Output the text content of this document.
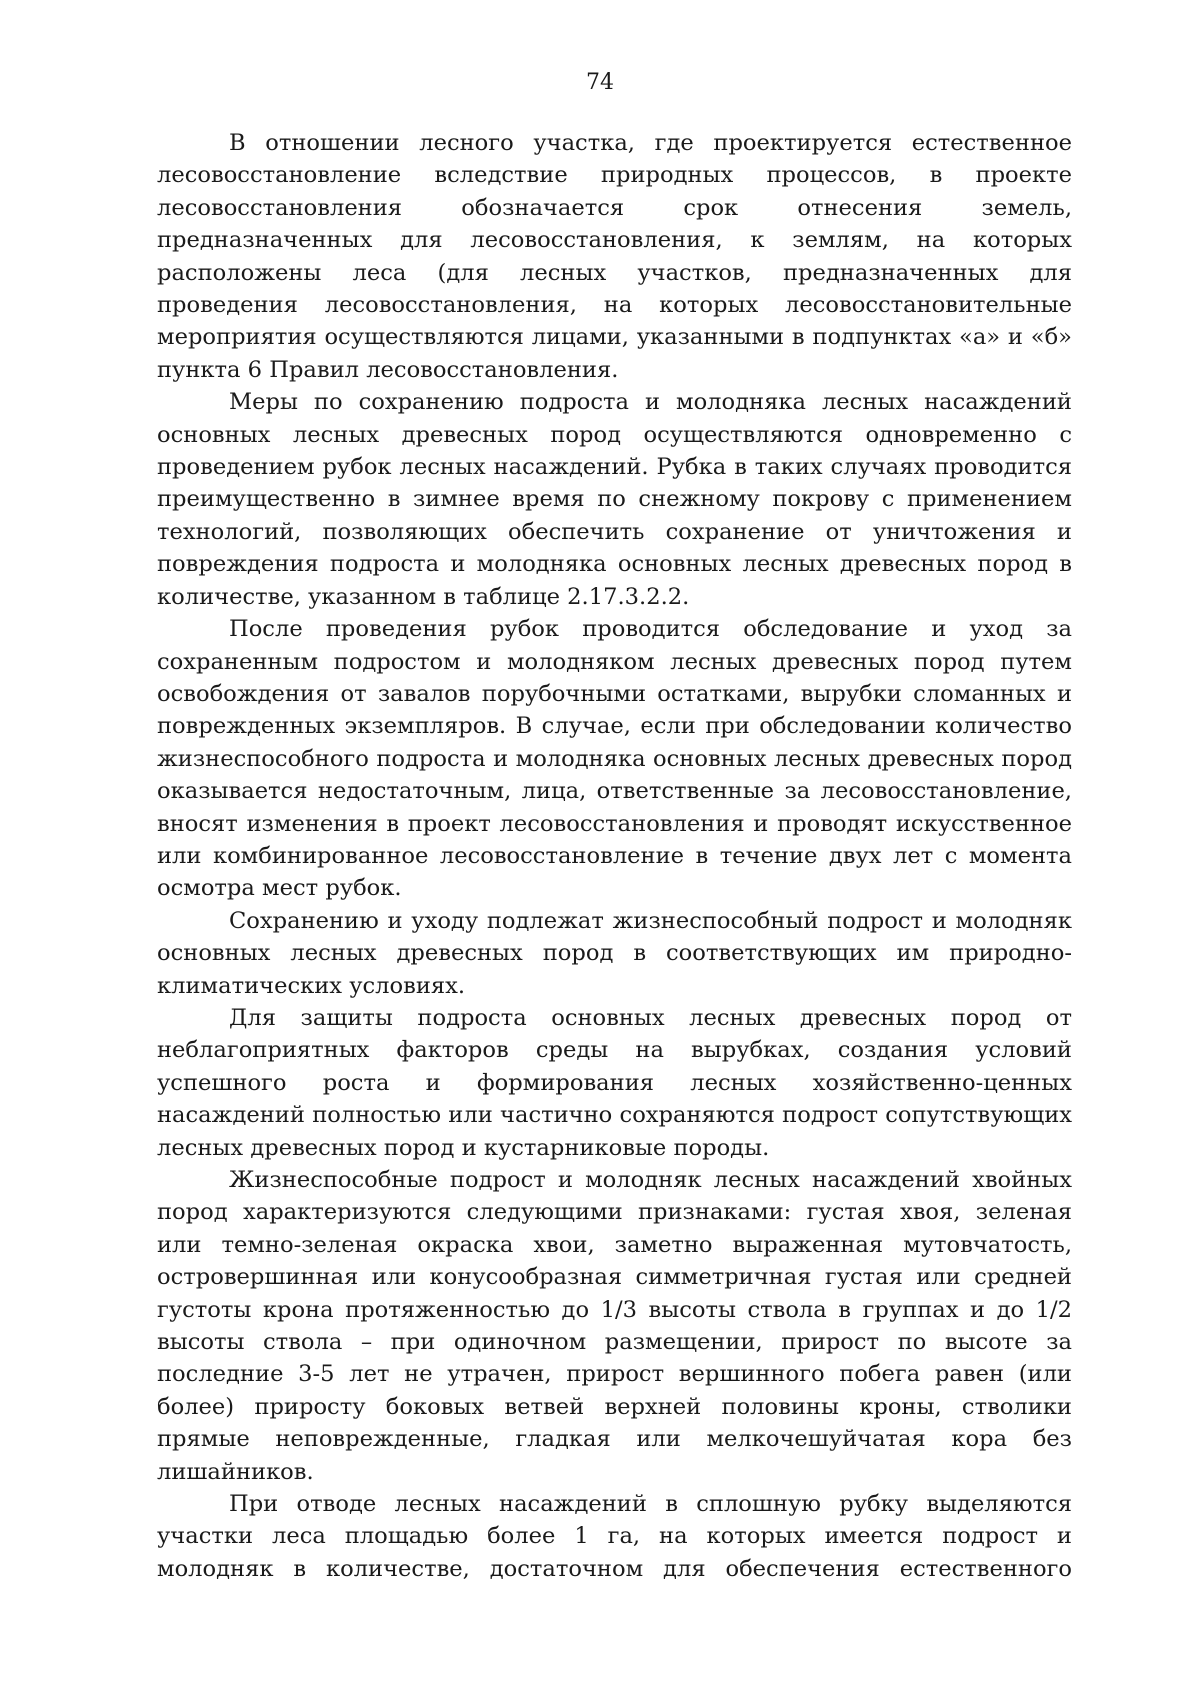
74

В отношении лесного участка, где проектируется естественное лесовосстановление вследствие природных процессов, в проекте лесовосстановления обозначается срок отнесения земель, предназначенных для лесовосстановления, к землям, на которых расположены леса (для лесных участков, предназначенных для проведения лесовосстановления, на которых лесовосстановительные мероприятия осуществляются лицами, указанными в подпунктах «а» и «б» пункта 6 Правил лесовосстановления.

Меры по сохранению подроста и молодняка лесных насаждений основных лесных древесных пород осуществляются одновременно с проведением рубок лесных насаждений. Рубка в таких случаях проводится преимущественно в зимнее время по снежному покрову с применением технологий, позволяющих обеспечить сохранение от уничтожения и повреждения подроста и молодняка основных лесных древесных пород в количестве, указанном в таблице 2.17.3.2.2.

После проведения рубок проводится обследование и уход за сохраненным подростом и молодняком лесных древесных пород путем освобождения от завалов порубочными остатками, вырубки сломанных и поврежденных экземпляров. В случае, если при обследовании количество жизнеспособного подроста и молодняка основных лесных древесных пород оказывается недостаточным, лица, ответственные за лесовосстановление, вносят изменения в проект лесовосстановления и проводят искусственное или комбинированное лесовосстановление в течение двух лет с момента осмотра мест рубок.

Сохранению и уходу подлежат жизнеспособный подрост и молодняк основных лесных древесных пород в соответствующих им природно-климатических условиях.

Для защиты подроста основных лесных древесных пород от неблагоприятных факторов среды на вырубках, создания условий успешного роста и формирования лесных хозяйственно-ценных насаждений полностью или частично сохраняются подрост сопутствующих лесных древесных пород и кустарниковые породы.

Жизнеспособные подрост и молодняк лесных насаждений хвойных пород характеризуются следующими признаками: густая хвоя, зеленая или темно-зеленая окраска хвои, заметно выраженная мутовчатость, островершинная или конусообразная симметричная густая или средней густоты крона протяженностью до 1/3 высоты ствола в группах и до 1/2 высоты ствола – при одиночном размещении, прирост по высоте за последние 3-5 лет не утрачен, прирост вершинного побега равен (или более) приросту боковых ветвей верхней половины кроны, стволики прямые неповрежденные, гладкая или мелкочешуйчатая кора без лишайников.

При отводе лесных насаждений в сплошную рубку выделяются участки леса площадью более 1 га, на которых имеется подрост и молодняк в количестве, достаточном для обеспечения естественного
